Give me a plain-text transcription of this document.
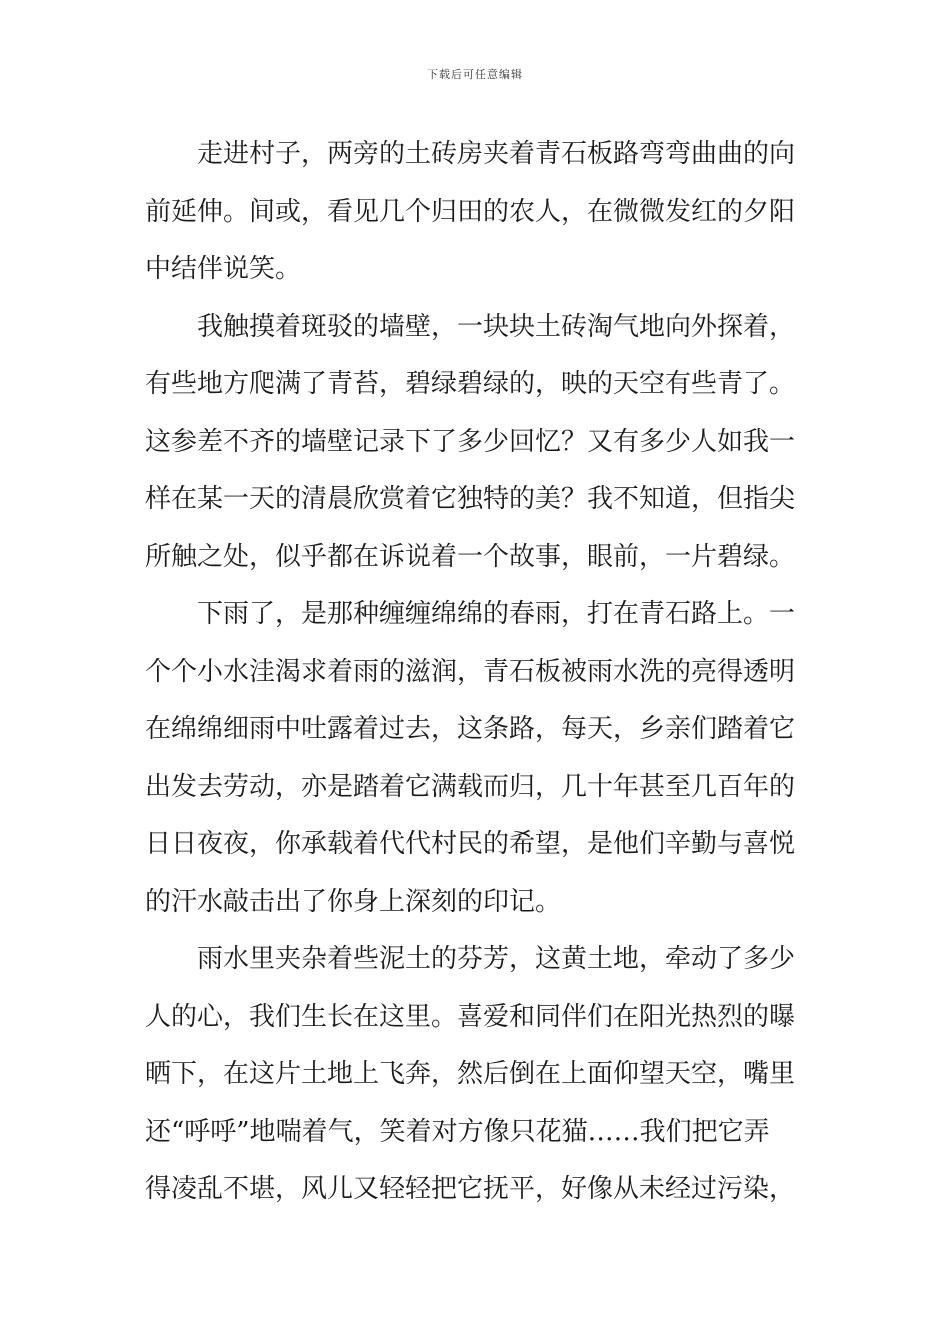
下载后可任意编辑
　　走进村子，两旁的土砖房夹着青石板路弯弯曲曲的向
前延伸。间或，看见几个归田的农人，在微微发红的夕阳
中结伴说笑。
　　我触摸着斑驳的墙壁，一块块土砖淘气地向外探着，
有些地方爬满了青苔，碧绿碧绿的，映的天空有些青了。
这参差不齐的墙壁记录下了多少回忆？又有多少人如我一
样在某一天的清晨欣赏着它独特的美？我不知道，但指尖
所触之处，似乎都在诉说着一个故事，眼前，一片碧绿。
　　下雨了，是那种缠缠绵绵的春雨，打在青石路上。一
个个小水洼渴求着雨的滋润，青石板被雨水洗的亮得透明
在绵绵细雨中吐露着过去，这条路，每天，乡亲们踏着它
出发去劳动，亦是踏着它满载而归，几十年甚至几百年的
日日夜夜，你承载着代代村民的希望，是他们辛勤与喜悦
的汗水敲击出了你身上深刻的印记。
　　雨水里夹杂着些泥土的芬芳，这黄土地，牵动了多少
人的心，我们生长在这里。喜爱和同伴们在阳光热烈的曝
晒下，在这片土地上飞奔，然后倒在上面仰望天空，嘴里
还“呼呼”地喘着气，笑着对方像只花猫……我们把它弄
得凌乱不堪，风儿又轻轻把它抚平，好像从未经过污染，
